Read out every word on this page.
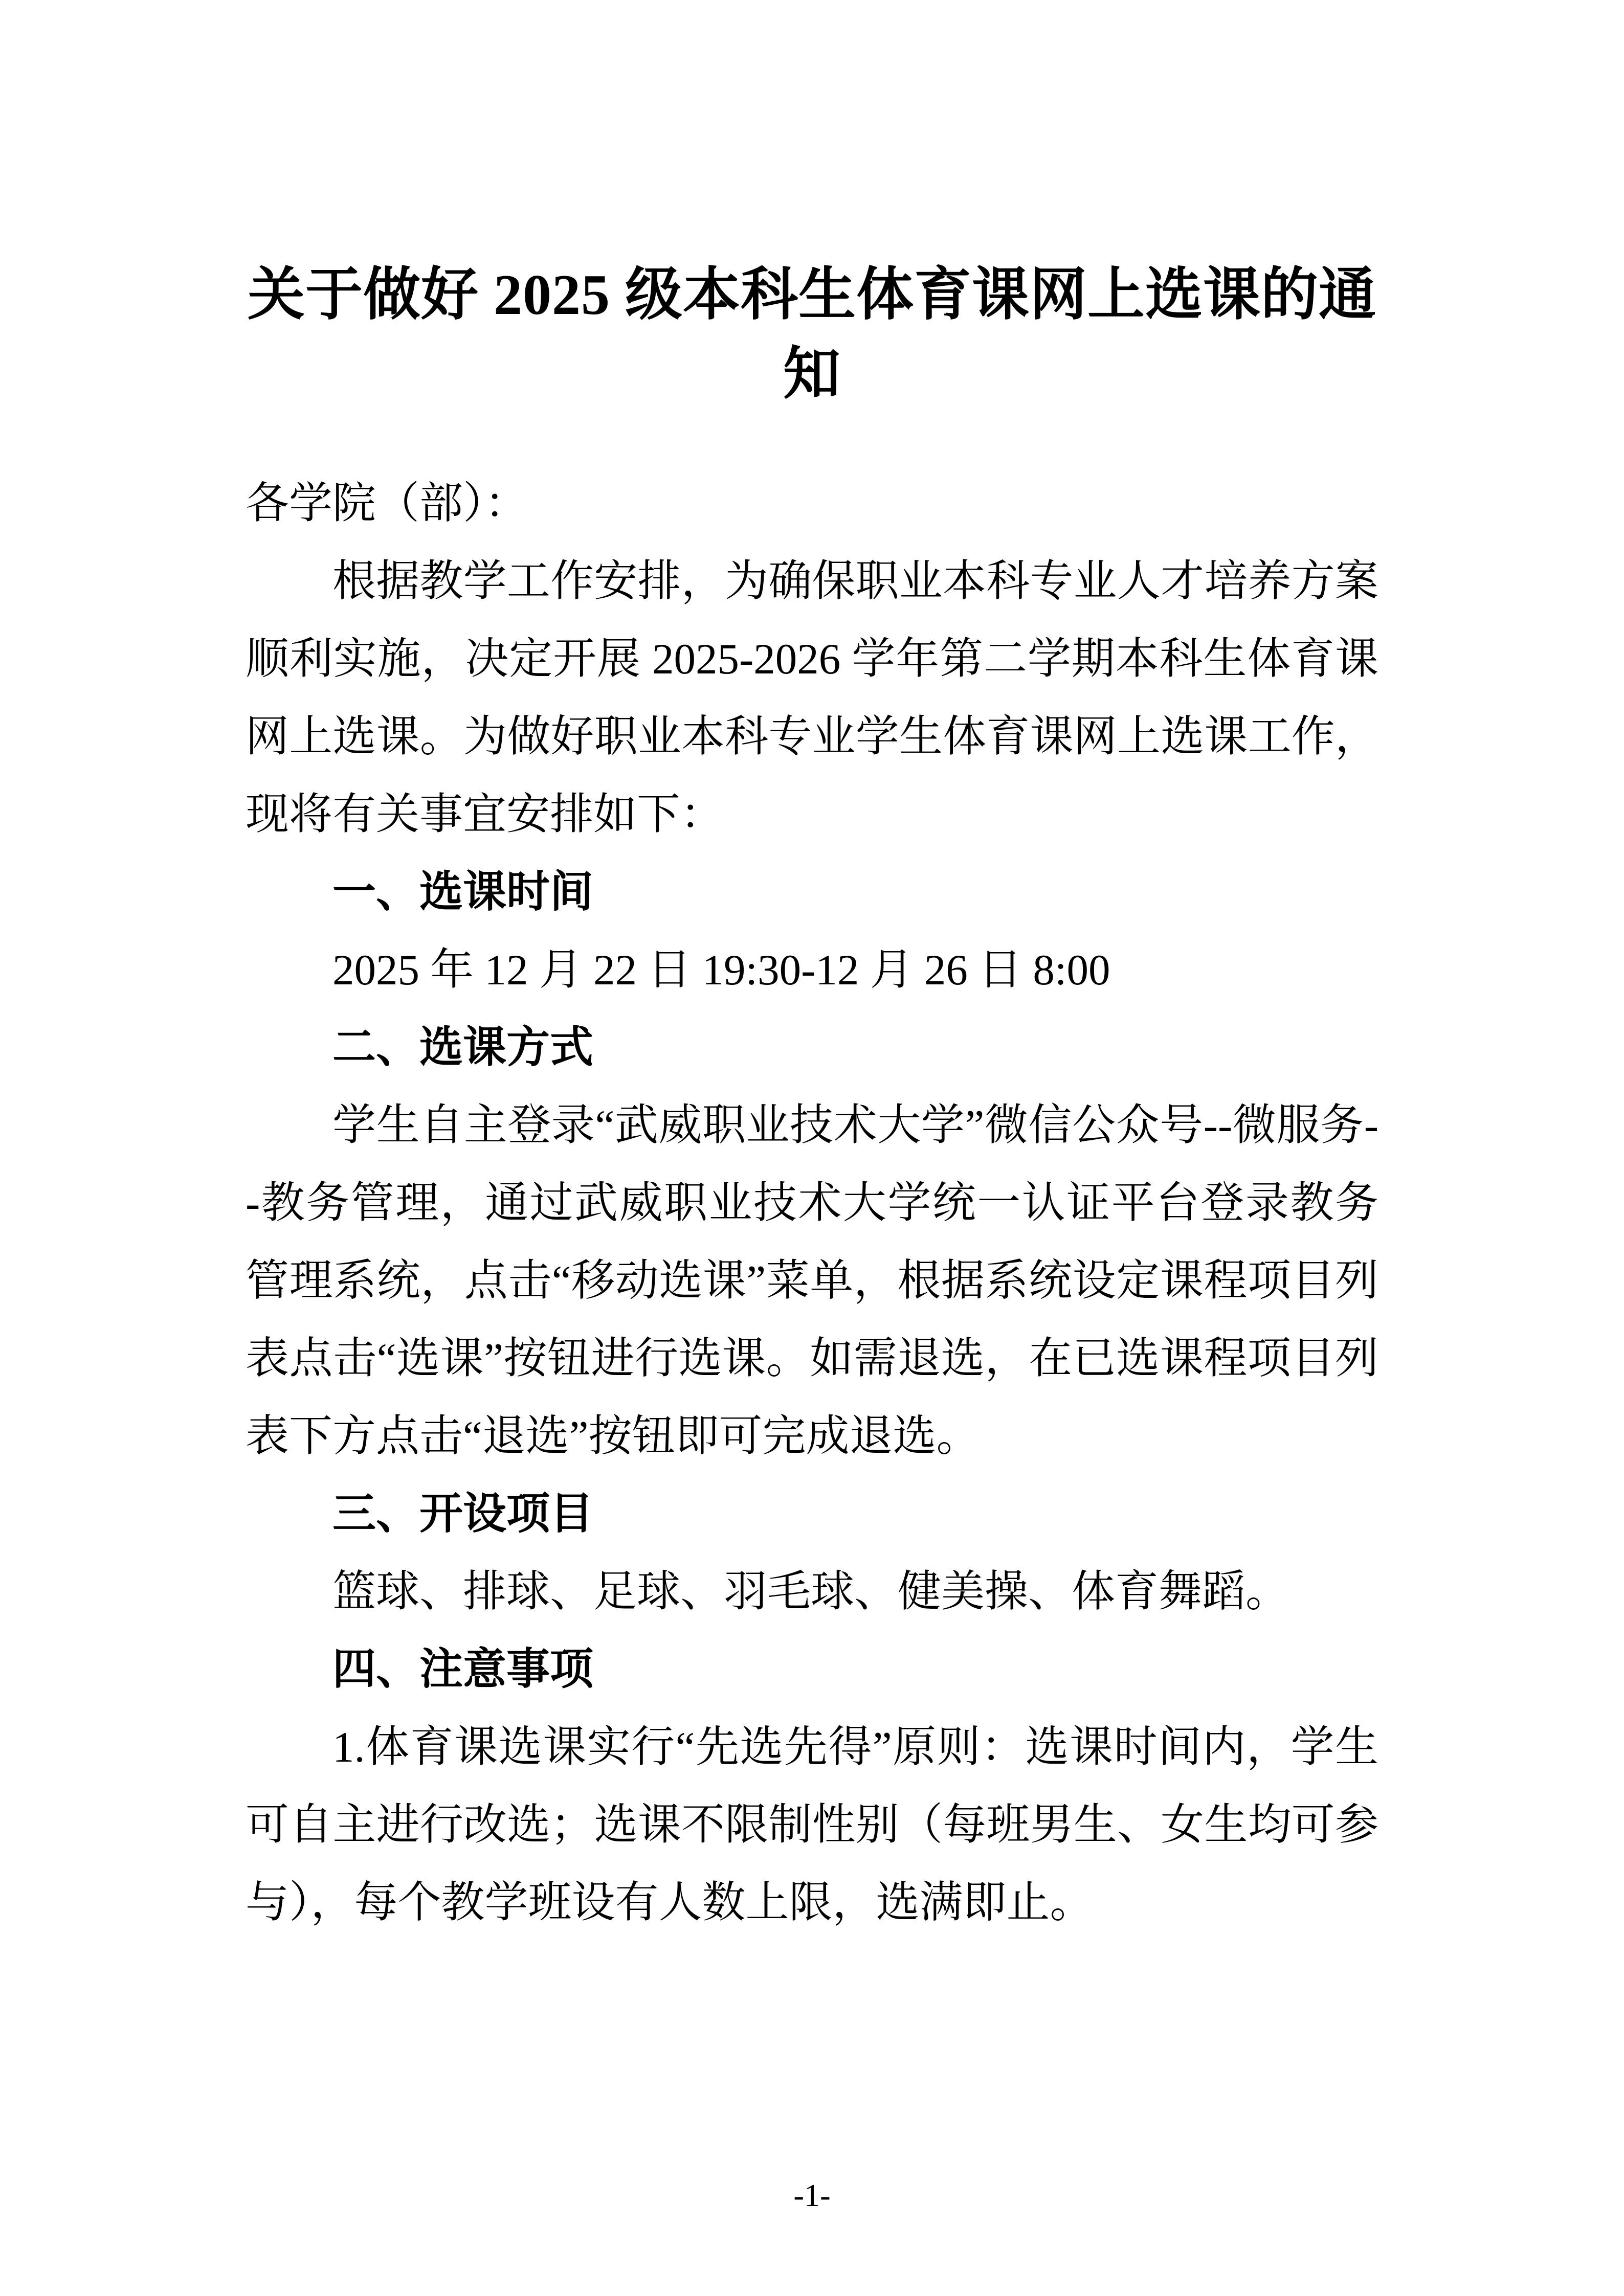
关于做好 2025 级本科生体育课网上选课的通知

各学院（部）：

根据教学工作安排，为确保职业本科专业人才培养方案顺利实施，决定开展 2025-2026 学年第二学期本科生体育课网上选课。为做好职业本科专业学生体育课网上选课工作，现将有关事宜安排如下：

一、选课时间

2025 年 12 月 22 日 19:30-12 月 26 日 8:00

二、选课方式

学生自主登录“武威职业技术大学”微信公众号--微服务--教务管理，通过武威职业技术大学统一认证平台登录教务管理系统，点击“移动选课”菜单，根据系统设定课程项目列表点击“选课”按钮进行选课。如需退选，在已选课程项目列表下方点击“退选”按钮即可完成退选。

三、开设项目

篮球、排球、足球、羽毛球、健美操、体育舞蹈。

四、注意事项

1.体育课选课实行“先选先得”原则：选课时间内，学生可自主进行改选；选课不限制性别（每班男生、女生均可参与），每个教学班设有人数上限，选满即止。

-1-
